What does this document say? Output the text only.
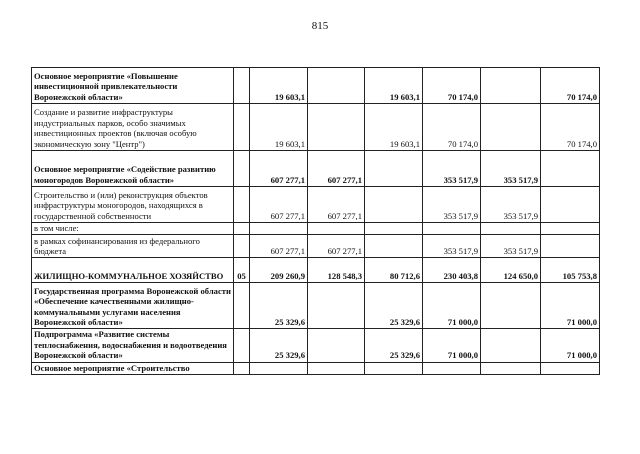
815
Основное мероприятие «Повышение инвестиционной привлекательности Воронежской области»		19 603,1		19 603,1	70 174,0		70 174,0
Создание и развитие инфраструктуры индустриальных парков, особо значимых инвестиционных проектов (включая особую экономическую зону "Центр")		19 603,1		19 603,1	70 174,0		70 174,0
Основное мероприятие «Содействие развитию моногородов Воронежской области»		607 277,1	607 277,1		353 517,9	353 517,9	
Строительство и (или) реконструкция объектов инфраструктуры моногородов, находящихся в государственной собственности		607 277,1	607 277,1		353 517,9	353 517,9	
в том числе:							
в рамках софинансирования из федерального бюджета		607 277,1	607 277,1		353 517,9	353 517,9	
ЖИЛИЩНО-КОММУНАЛЬНОЕ ХОЗЯЙСТВО	05	209 260,9	128 548,3	80 712,6	230 403,8	124 650,0	105 753,8
Государственная программа Воронежской области «Обеспечение качественными жилищно-коммунальными услугами населения Воронежской области»		25 329,6		25 329,6	71 000,0		71 000,0
Подпрограмма «Развитие системы теплоснабжения, водоснабжения и водоотведения Воронежской области»		25 329,6		25 329,6	71 000,0		71 000,0
Основное мероприятие «Строительство							
